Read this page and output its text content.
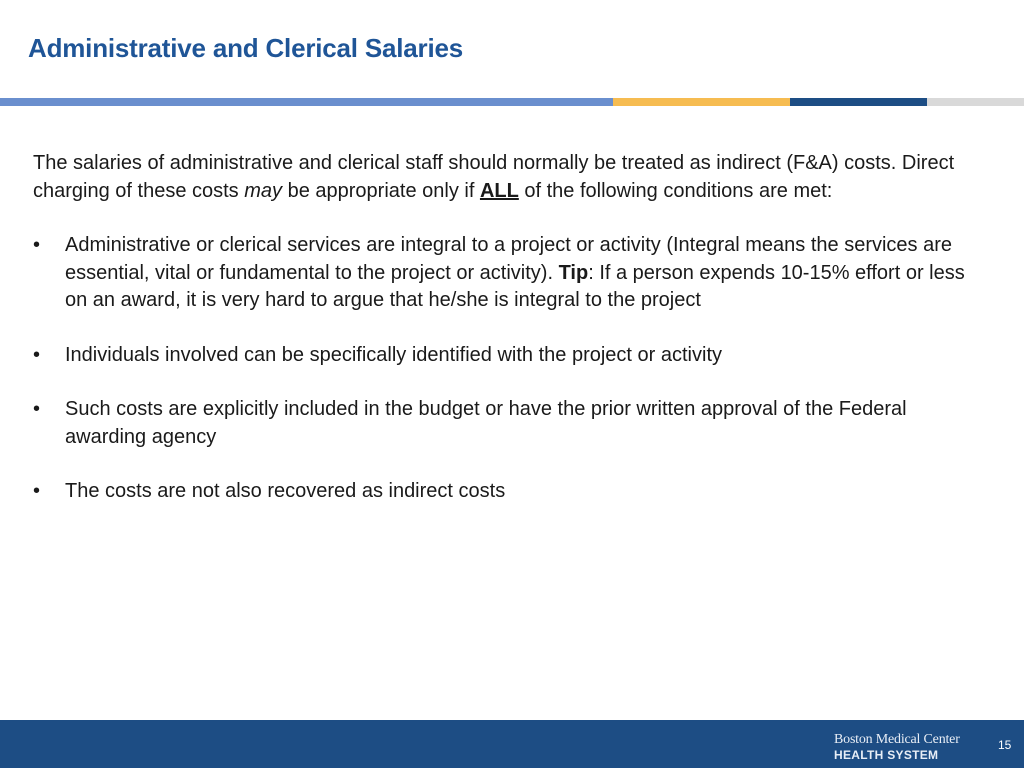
Administrative and Clerical Salaries

The salaries of administrative and clerical staff should normally be treated as indirect (F&A) costs. Direct charging of these costs may be appropriate only if ALL of the following conditions are met:

• Administrative or clerical services are integral to a project or activity (Integral means the services are essential, vital or fundamental to the project or activity). Tip: If a person expends 10-15% effort or less on an award, it is very hard to argue that he/she is integral to the project
• Individuals involved can be specifically identified with the project or activity
• Such costs are explicitly included in the budget or have the prior written approval of the Federal awarding agency
• The costs are not also recovered as indirect costs
Boston Medical Center
HEALTH SYSTEM
15
